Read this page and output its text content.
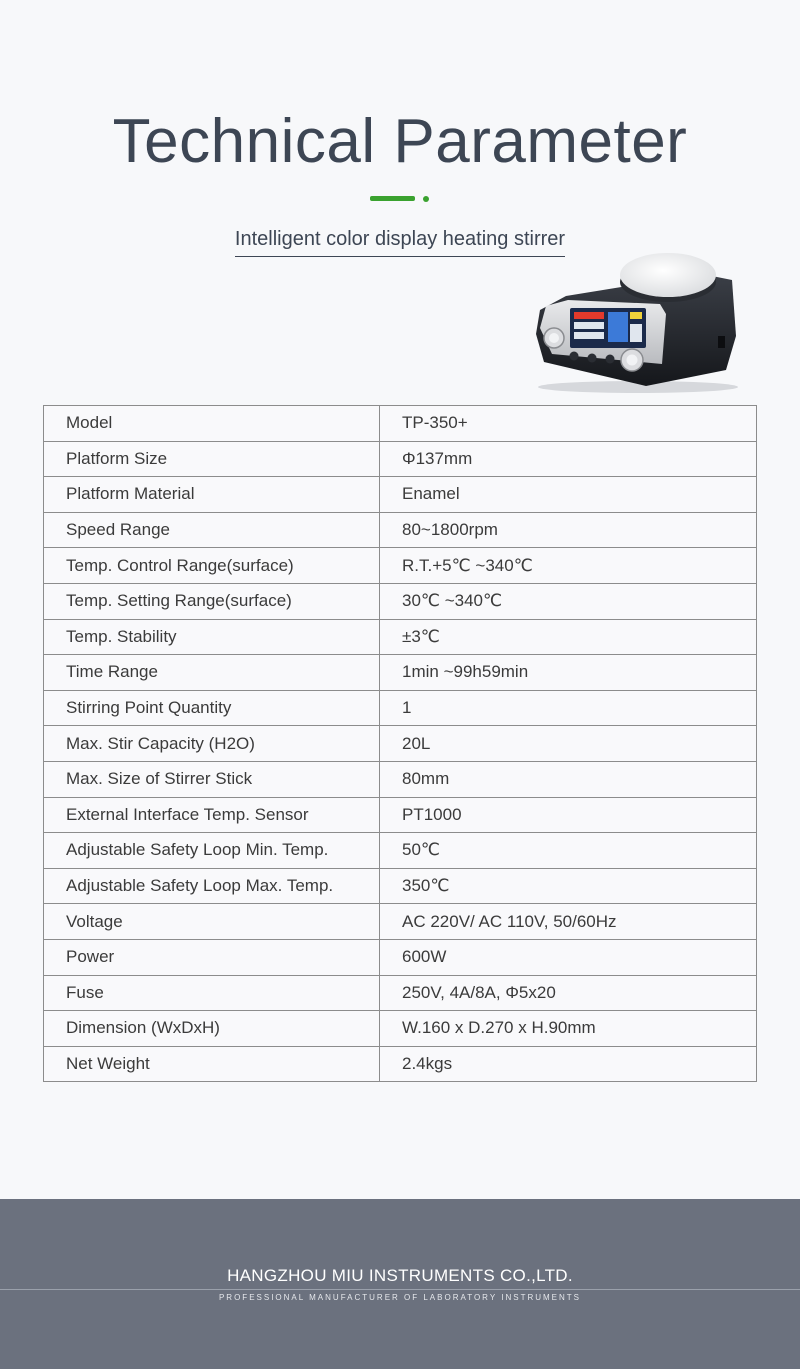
Technical Parameter
Intelligent color display heating stirrer
Model	TP-350+
Platform Size	Φ137mm
Platform Material	Enamel
Speed Range	80~1800rpm
Temp. Control Range(surface)	R.T.+5℃ ~340℃
Temp. Setting Range(surface)	30℃ ~340℃
Temp. Stability	±3℃
Time Range	1min ~99h59min
Stirring Point Quantity	1
Max. Stir Capacity (H2O)	20L
Max. Size of Stirrer Stick	80mm
External Interface Temp. Sensor	PT1000
Adjustable Safety Loop Min. Temp.	50℃
Adjustable Safety Loop Max. Temp.	350℃
Voltage	AC 220V/ AC 110V, 50/60Hz
Power	600W
Fuse	250V, 4A/8A, Φ5x20
Dimension (WxDxH)	W.160 x D.270 x H.90mm
Net Weight	2.4kgs
HANGZHOU MIU INSTRUMENTS CO.,LTD.
PROFESSIONAL MANUFACTURER OF LABORATORY INSTRUMENTS
